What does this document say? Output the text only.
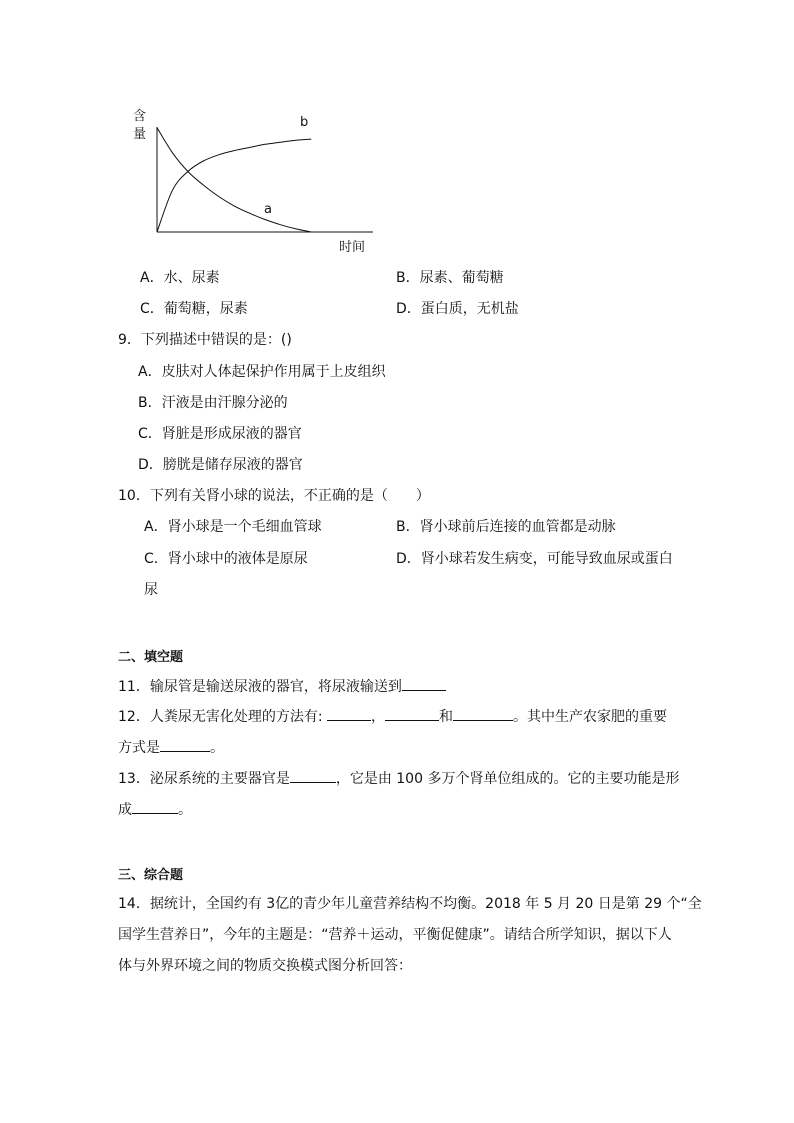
含
量
b
a
时间
A．水、尿素	B．尿素、葡萄糖
C．葡萄糖，尿素	D．蛋白质，无机盐
9．下列描述中错误的是：()
A．皮肤对人体起保护作用属于上皮组织
B．汗液是由汗腺分泌的
C．肾脏是形成尿液的器官
D．膀胱是储存尿液的器官
10．下列有关肾小球的说法，不正确的是（　　）
A．肾小球是一个毛细血管球	B．肾小球前后连接的血管都是动脉
C．肾小球中的液体是原尿	D．肾小球若发生病变，可能导致血尿或蛋白
尿
二、填空题
11．输尿管是输送尿液的器官，将尿液输送到
12．人粪尿无害化处理的方法有:	，	和	。其中生产农家肥的重要
方式是	。
13．泌尿系统的主要器官是	，它是由 100 多万个肾单位组成的。它的主要功能是形
成	。
三、综合题
14．据统计，全国约有 3亿的青少年儿童营养结构不均衡。2018 年 5 月 20 日是第 29 个“全
国学生营养日”，今年的主题是：“营养＋运动，平衡促健康”。请结合所学知识，据以下人
体与外界环境之间的物质交换模式图分析回答：
